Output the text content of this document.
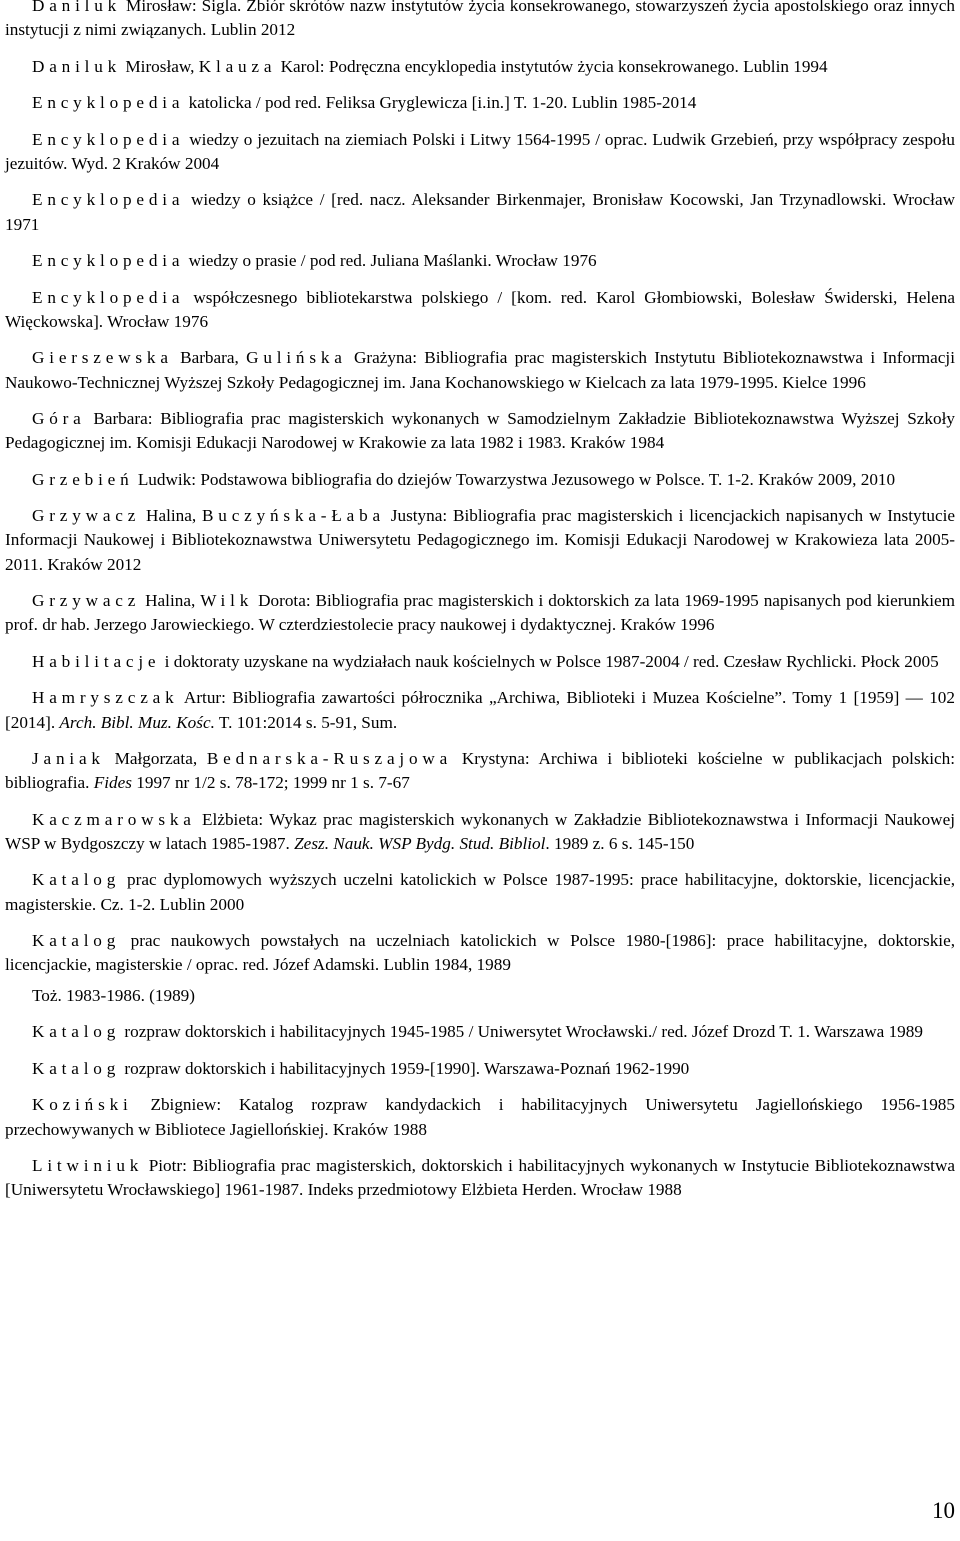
Daniluk Mirosław: Sigla. Zbiór skrótów nazw instytutów życia konsekrowanego, stowarzyszeń życia apostolskiego oraz innych instytucji z nimi związanych. Lublin 2012

Daniluk Mirosław, Klauza Karol: Podręczna encyklopedia instytutów życia konsekrowanego. Lublin 1994

Encyklopedia katolicka / pod red. Feliksa Gryglewicza [i.in.] T. 1-20. Lublin 1985-2014

Encyklopedia wiedzy o jezuitach na ziemiach Polski i Litwy 1564-1995 / oprac. Ludwik Grzebień, przy współpracy zespołu jezuitów. Wyd. 2 Kraków 2004

Encyklopedia wiedzy o książce / [red. nacz. Aleksander Birkenmajer, Bronisław Kocowski, Jan Trzynadlowski. Wrocław 1971

Encyklopedia wiedzy o prasie / pod red. Juliana Maślanki. Wrocław 1976

Encyklopedia współczesnego bibliotekarstwa polskiego / [kom. red. Karol Głombiowski, Bolesław Świderski, Helena Więckowska]. Wrocław 1976

Gierszewska Barbara, Gulińska Grażyna: Bibliografia prac magisterskich Instytutu Bibliotekoznawstwa i Informacji Naukowo-Technicznej Wyższej Szkoły Pedagogicznej im. Jana Kochanowskiego w Kielcach za lata 1979-1995. Kielce 1996

Góra Barbara: Bibliografia prac magisterskich wykonanych w Samodzielnym Zakładzie Bibliotekoznawstwa Wyższej Szkoły Pedagogicznej im. Komisji Edukacji Narodowej w Krakowie za lata 1982 i 1983. Kraków 1984

Grzebień Ludwik: Podstawowa bibliografia do dziejów Towarzystwa Jezusowego w Polsce. T. 1-2. Kraków 2009, 2010

Grzywacz Halina, Buczyńska-Łaba Justyna: Bibliografia prac magisterskich i licencjackich napisanych w Instytucie Informacji Naukowej i Bibliotekoznawstwa Uniwersytetu Pedagogicznego im. Komisji Edukacji Narodowej w Krakowieza lata 2005-2011. Kraków 2012

Grzywacz Halina, Wilk Dorota: Bibliografia prac magisterskich i doktorskich za lata 1969-1995 napisanych pod kierunkiem prof. dr hab. Jerzego Jarowieckiego. W czterdziestolecie pracy naukowej i dydaktycznej. Kraków 1996

Habilitacje i doktoraty uzyskane na wydziałach nauk kościelnych w Polsce 1987-2004 / red. Czesław Rychlicki. Płock 2005

Hamryszczak Artur: Bibliografia zawartości półrocznika „Archiwa, Biblioteki i Muzea Kościelne”. Tomy 1 [1959] — 102 [2014]. Arch. Bibl. Muz. Kośc. T. 101:2014 s. 5-91, Sum.

Janiak Małgorzata, Bednarska-Ruszajowa Krystyna: Archiwa i biblioteki kościelne w publikacjach polskich: bibliografia. Fides 1997 nr 1/2 s. 78-172; 1999 nr 1 s. 7-67

Kaczmarowska Elżbieta: Wykaz prac magisterskich wykonanych w Zakładzie Bibliotekoznawstwa i Informacji Naukowej WSP w Bydgoszczy w latach 1985-1987. Zesz. Nauk. WSP Bydg. Stud. Bibliol. 1989 z. 6 s. 145-150

Katalog prac dyplomowych wyższych uczelni katolickich w Polsce 1987-1995: prace habilitacyjne, doktorskie, licencjackie, magisterskie. Cz. 1-2. Lublin 2000

Katalog prac naukowych powstałych na uczelniach katolickich w Polsce 1980-[1986]: prace habilitacyjne, doktorskie, licencjackie, magisterskie / oprac. red. Józef Adamski. Lublin 1984, 1989

Toż. 1983-1986. (1989)

Katalog rozpraw doktorskich i habilitacyjnych 1945-1985 / Uniwersytet Wrocławski./ red. Józef Drozd T. 1. Warszawa 1989

Katalog rozpraw doktorskich i habilitacyjnych 1959-[1990]. Warszawa-Poznań 1962-1990

Koziński Zbigniew: Katalog rozpraw kandydackich i habilitacyjnych Uniwersytetu Jagiellońskiego 1956-1985 przechowywanych w Bibliotece Jagiellońskiej. Kraków 1988

Litwiniuk Piotr: Bibliografia prac magisterskich, doktorskich i habilitacyjnych wykonanych w Instytucie Bibliotekoznawstwa [Uniwersytetu Wrocławskiego] 1961-1987. Indeks przedmiotowy Elżbieta Herden. Wrocław 1988

10
